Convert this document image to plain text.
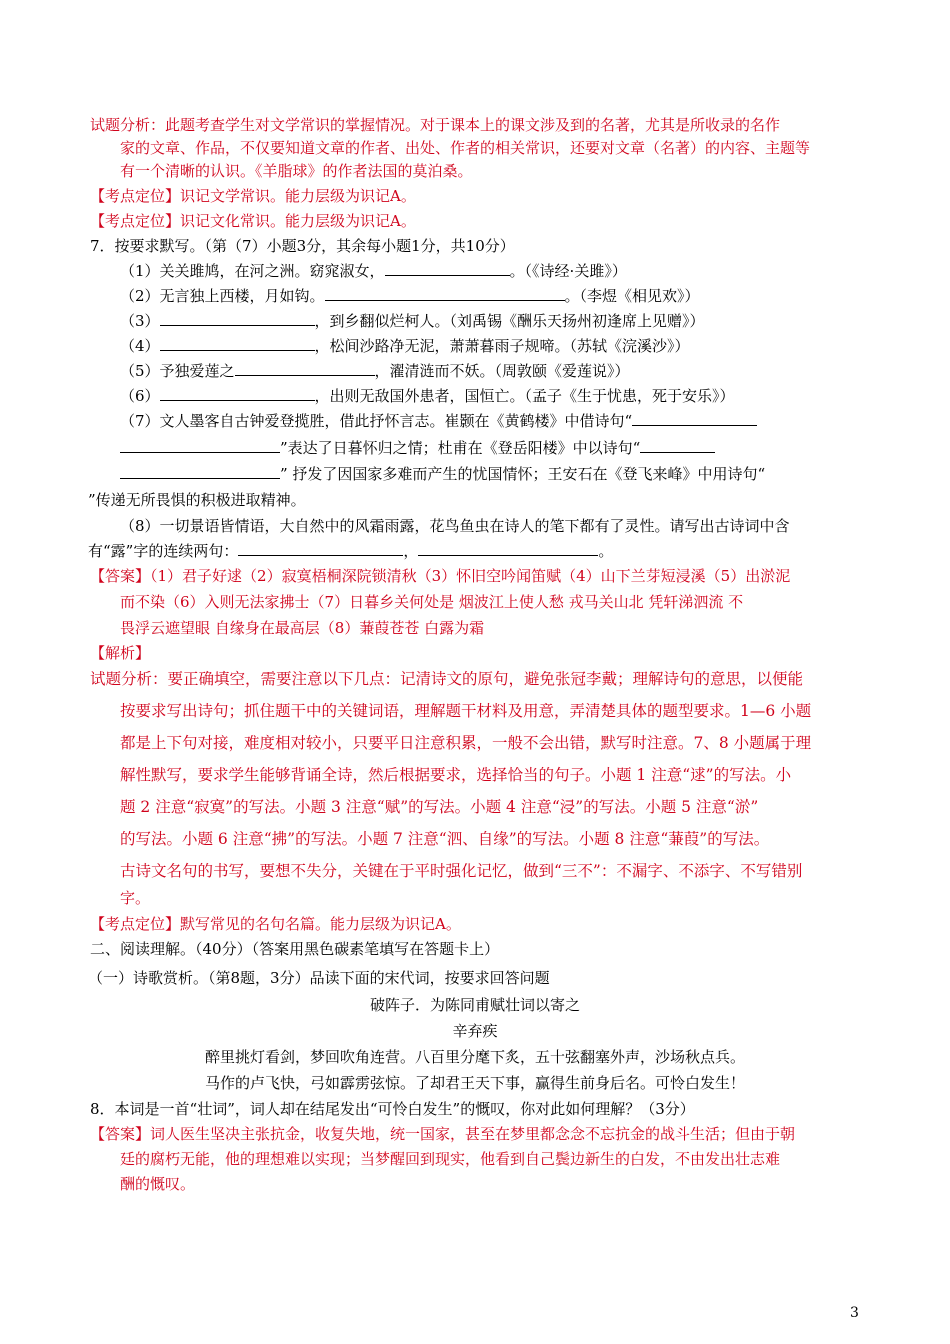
试题分析：此题考查学生对文学常识的掌握情况。对于课本上的课文涉及到的名著，尤其是所收录的名作
家的文章、作品，不仅要知道文章的作者、出处、作者的相关常识，还要对文章（名著）的内容、主题等
有一个清晰的认识。《羊脂球》的作者法国的莫泊桑。
【考点定位】识记文学常识。能力层级为识记A。
【考点定位】识记文化常识。能力层级为识记A。
7．按要求默写。（第（7）小题3分，其余每小题1分，共10分）
（1）关关雎鸠，在河之洲。窈窕淑女，	。（《诗经·关雎》）
（2）无言独上西楼，月如钩。	。（李煜《相见欢》）
（3）	，到乡翻似烂柯人。（刘禹锡《酬乐天扬州初逢席上见赠》）
（4）	，松间沙路净无泥，萧萧暮雨子规啼。（苏轼《浣溪沙》）
（5）予独爱莲之	，濯清涟而不妖。（周敦颐《爱莲说》）
（6）	，出则无敌国外患者，国恒亡。（孟子《生于忧患，死于安乐》）
（7）文人墨客自古钟爱登揽胜，借此抒怀言志。崔颢在《黄鹤楼》中借诗句“
”表达了日暮怀归之情；杜甫在《登岳阳楼》中以诗句“
” 抒发了因国家多难而产生的忧国情怀；王安石在《登飞来峰》中用诗句“
”传递无所畏惧的积极进取精神。
（8）一切景语皆情语，大自然中的风霜雨露，花鸟鱼虫在诗人的笔下都有了灵性。请写出古诗词中含
有“露”字的连续两句：	，	。
【答案】（1）君子好逑（2）寂寞梧桐深院锁清秋（3）怀旧空吟闻笛赋（4）山下兰芽短浸溪（5）出淤泥
而不染（6）入则无法家拂士（7）日暮乡关何处是 烟波江上使人愁 戎马关山北 凭轩涕泗流 不
畏浮云遮望眼 自缘身在最高层（8）蒹葭苍苍 白露为霜
【解析】
试题分析：要正确填空，需要注意以下几点：记清诗文的原句，避免张冠李戴；理解诗句的意思，以便能
按要求写出诗句；抓住题干中的关键词语，理解题干材料及用意，弄清楚具体的题型要求。1—6 小题
都是上下句对接，难度相对较小，只要平日注意积累，一般不会出错，默写时注意。7、8 小题属于理
解性默写，要求学生能够背诵全诗，然后根据要求，选择恰当的句子。小题 1 注意“逑”的写法。小
题 2 注意“寂寞”的写法。小题 3 注意“赋”的写法。小题 4 注意“浸”的写法。小题 5 注意“淤”
的写法。小题 6 注意“拂”的写法。小题 7 注意“泗、自缘”的写法。小题 8 注意“蒹葭”的写法。
古诗文名句的书写，要想不失分，关键在于平时强化记忆，做到“三不”：不漏字、不添字、不写错别
字。
【考点定位】默写常见的名句名篇。能力层级为识记A。
二、阅读理解。（40分）（答案用黑色碳素笔填写在答题卡上）
（一）诗歌赏析。（第8题，3分）品读下面的宋代词，按要求回答问题
破阵子．为陈同甫赋壮词以寄之
辛弃疾
醉里挑灯看剑，梦回吹角连营。八百里分麾下炙，五十弦翻塞外声，沙场秋点兵。
马作的卢飞快，弓如霹雳弦惊。了却君王天下事，赢得生前身后名。可怜白发生！
8．本词是一首“壮词”，词人却在结尾发出“可怜白发生”的慨叹，你对此如何理解？（3分）
【答案】词人医生坚决主张抗金，收复失地，统一国家，甚至在梦里都念念不忘抗金的战斗生活；但由于朝
廷的腐朽无能，他的理想难以实现；当梦醒回到现实，他看到自己鬓边新生的白发，不由发出壮志难
酬的慨叹。
3
